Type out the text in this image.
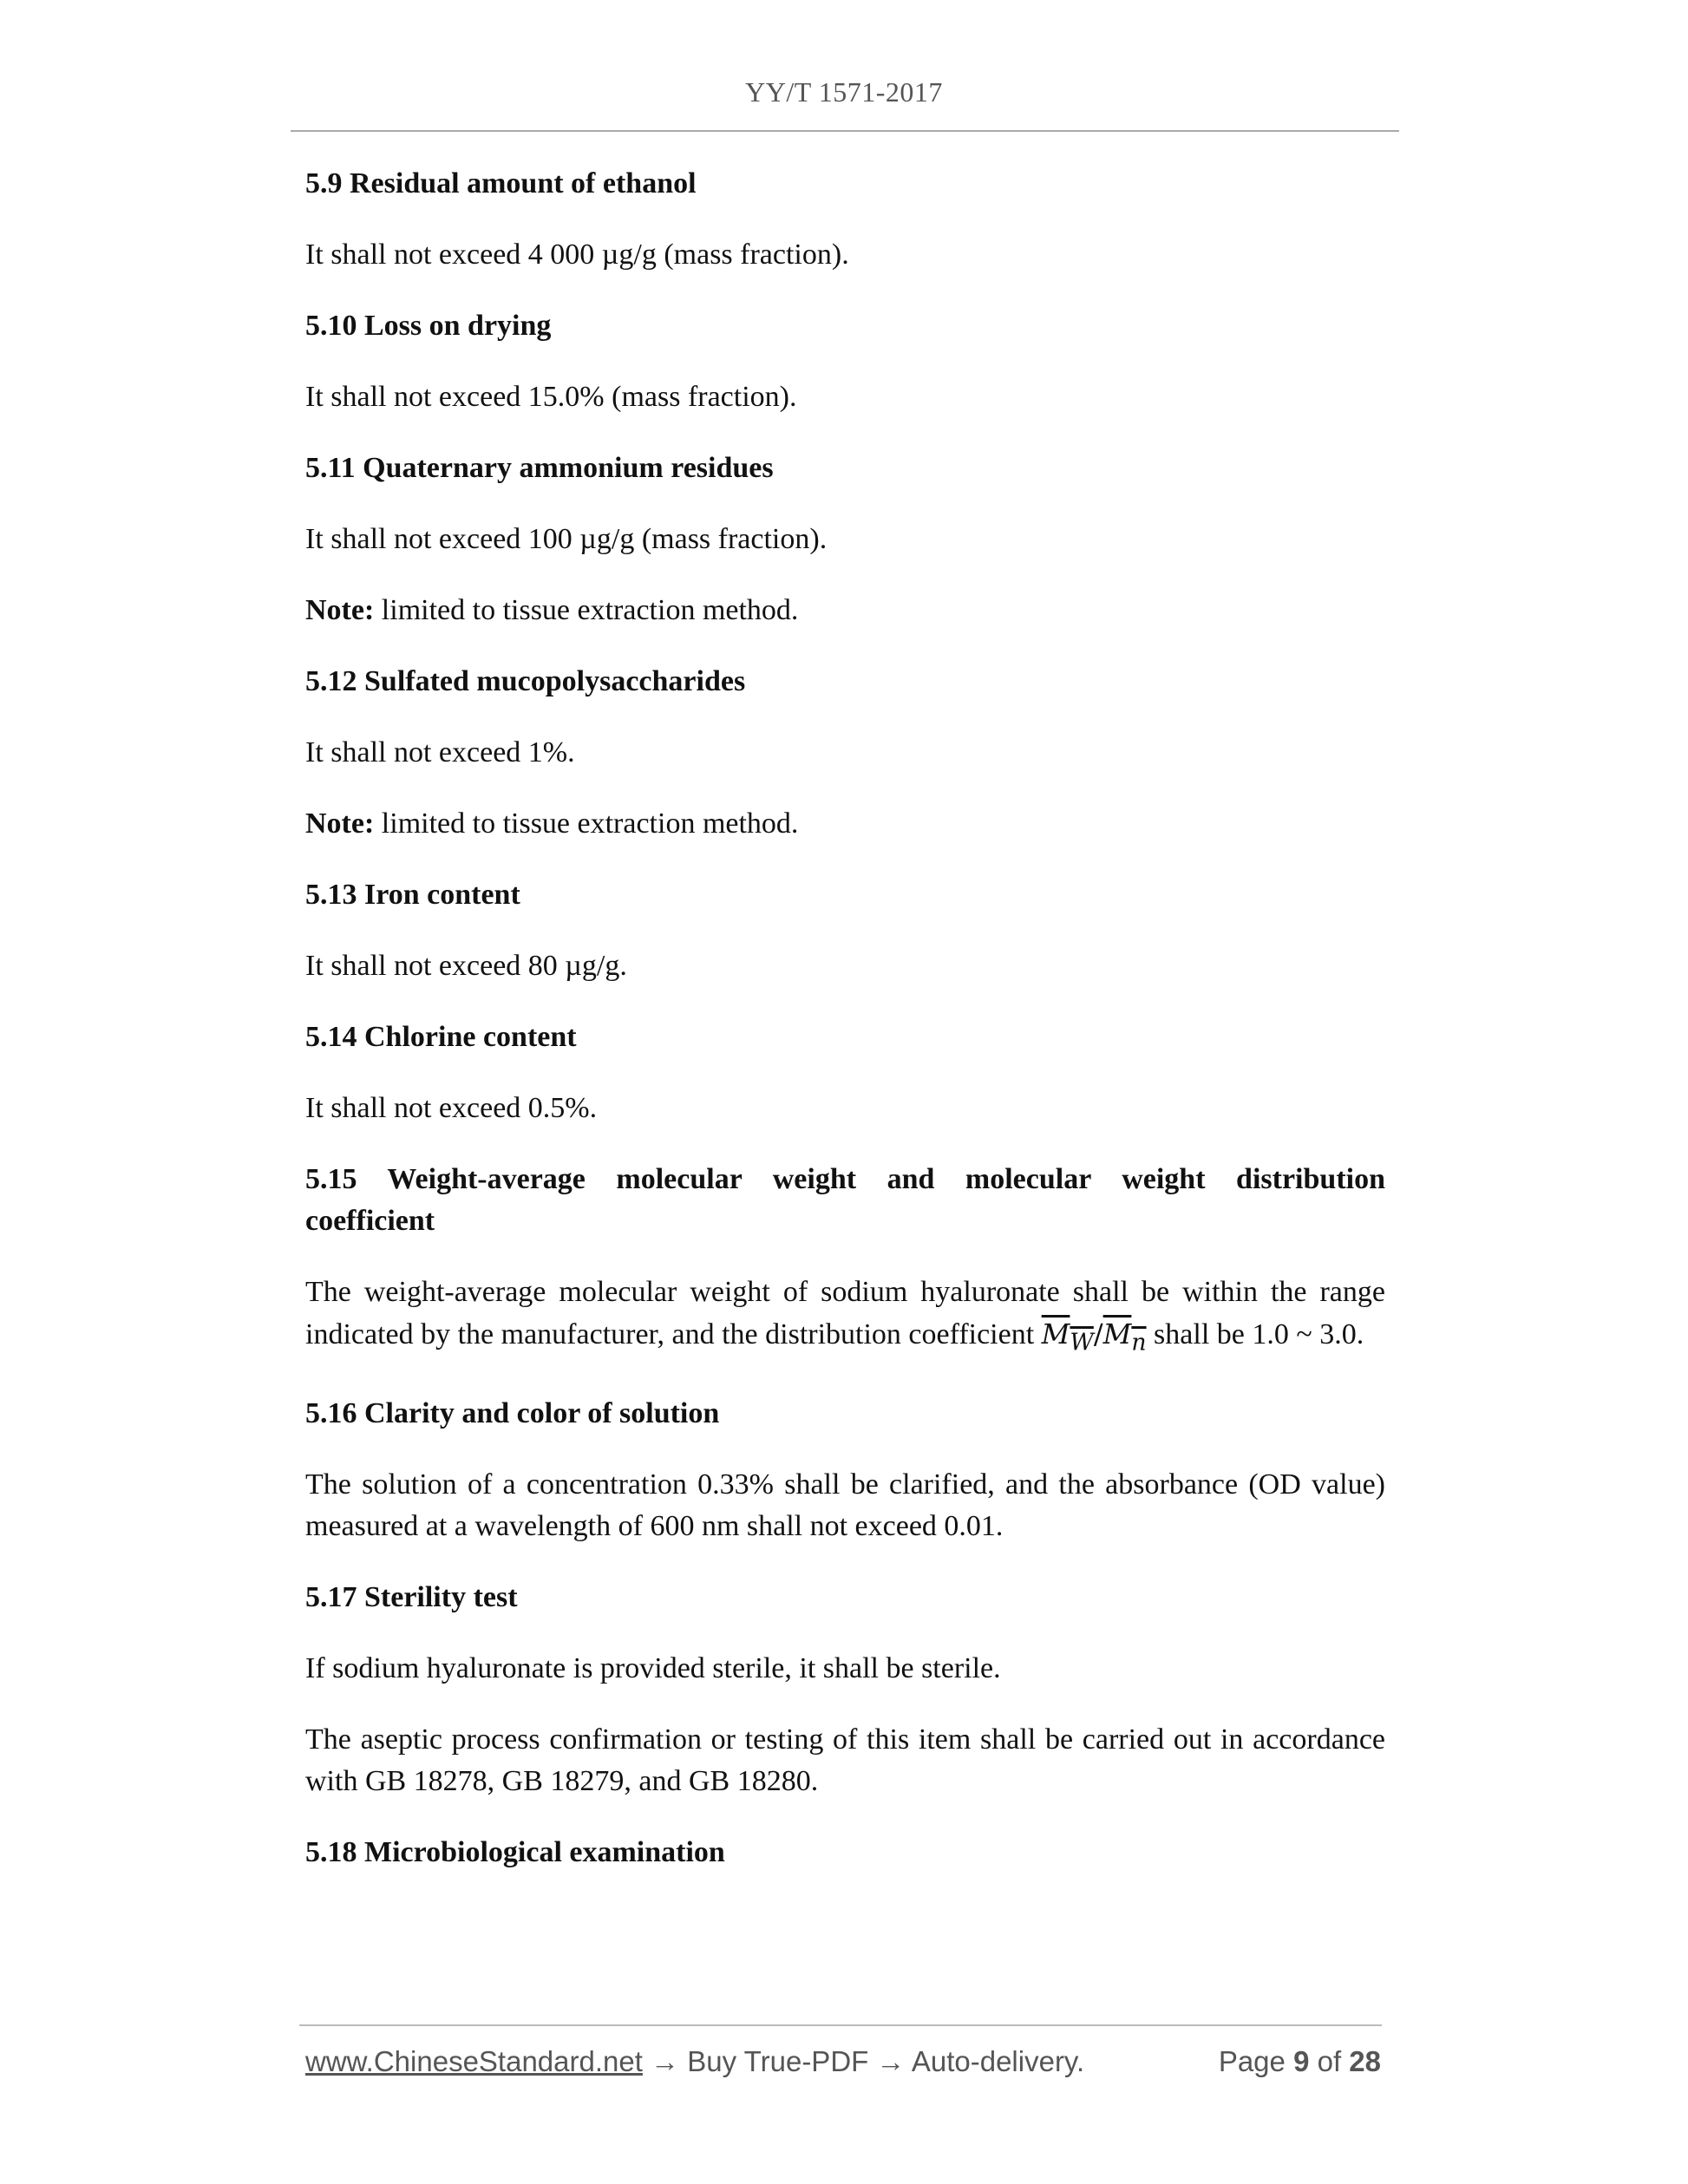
YY/T 1571-2017
5.9 Residual amount of ethanol
It shall not exceed 4 000 µg/g (mass fraction).
5.10 Loss on drying
It shall not exceed 15.0% (mass fraction).
5.11 Quaternary ammonium residues
It shall not exceed 100 µg/g (mass fraction).
Note: limited to tissue extraction method.
5.12 Sulfated mucopolysaccharides
It shall not exceed 1%.
Note: limited to tissue extraction method.
5.13 Iron content
It shall not exceed 80 µg/g.
5.14 Chlorine content
It shall not exceed 0.5%.
5.15 Weight-average molecular weight and molecular weight distribution
coefficient
The weight-average molecular weight of sodium hyaluronate shall be within the range indicated by the manufacturer, and the distribution coefficient $M_W/M_n$ shall be 1.0 ~ 3.0.
5.16 Clarity and color of solution
The solution of a concentration 0.33% shall be clarified, and the absorbance (OD value) measured at a wavelength of 600 nm shall not exceed 0.01.
5.17 Sterility test
If sodium hyaluronate is provided sterile, it shall be sterile.
The aseptic process confirmation or testing of this item shall be carried out in accordance with GB 18278, GB 18279, and GB 18280.
5.18 Microbiological examination
www.ChineseStandard.net → Buy True-PDF → Auto-delivery.	Page 9 of 28
